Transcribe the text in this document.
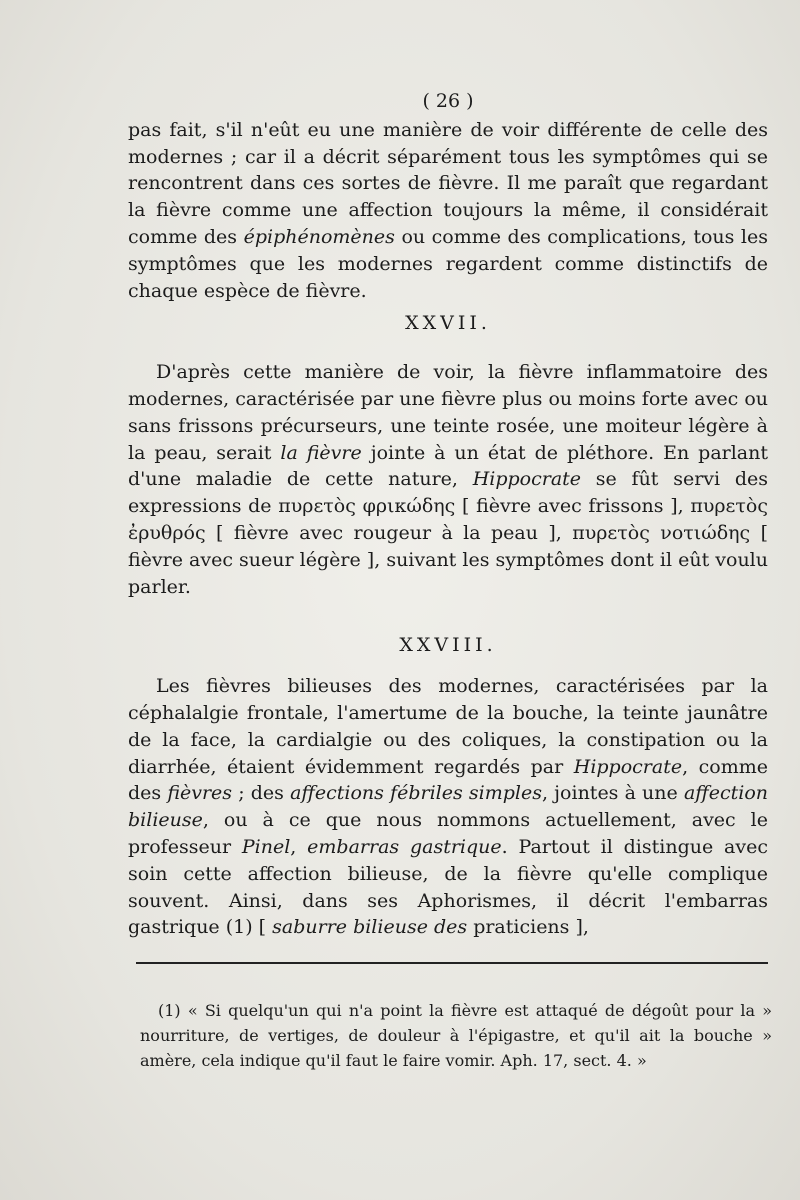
( 26 )

pas fait, s'il n'eût eu une manière de voir différente de celle des modernes ; car il a décrit séparément tous les symptômes qui se rencontrent dans ces sortes de fièvre. Il me paraît que regardant la fièvre comme une affection toujours la même, il considérait comme des épiphénomènes ou comme des complications, tous les symptômes que les modernes regardent comme distinctifs de chaque espèce de fièvre.

XXVII.

D'après cette manière de voir, la fièvre inflammatoire des modernes, caractérisée par une fièvre plus ou moins forte avec ou sans frissons précurseurs, une teinte rosée, une moiteur légère à la peau, serait la fièvre jointe à un état de pléthore. En parlant d'une maladie de cette nature, Hippocrate se fût servi des expressions de πυρετὸς φρικώδης [ fièvre avec frissons ], πυρετὸς ἐρυθρός [ fièvre avec rougeur à la peau ], πυρετὸς νοτιώδης [ fièvre avec sueur légère ], suivant les symptômes dont il eût voulu parler.

XXVIII.

Les fièvres bilieuses des modernes, caractérisées par la céphalalgie frontale, l'amertume de la bouche, la teinte jaunâtre de la face, la cardialgie ou des coliques, la constipation ou la diarrhée, étaient évidemment regardés par Hippocrate, comme des fièvres ; des affections fébriles simples, jointes à une affection bilieuse, ou à ce que nous nommons actuellement, avec le professeur Pinel, embarras gastrique. Partout il distingue avec soin cette affection bilieuse, de la fièvre qu'elle complique souvent. Ainsi, dans ses Aphorismes, il décrit l'embarras gastrique (1) [ saburre bilieuse des praticiens ],

(1) « Si quelqu'un qui n'a point la fièvre est attaqué de dégoût pour la » nourriture, de vertiges, de douleur à l'épigastre, et qu'il ait la bouche » amère, cela indique qu'il faut le faire vomir. Aph. 17, sect. 4. »
